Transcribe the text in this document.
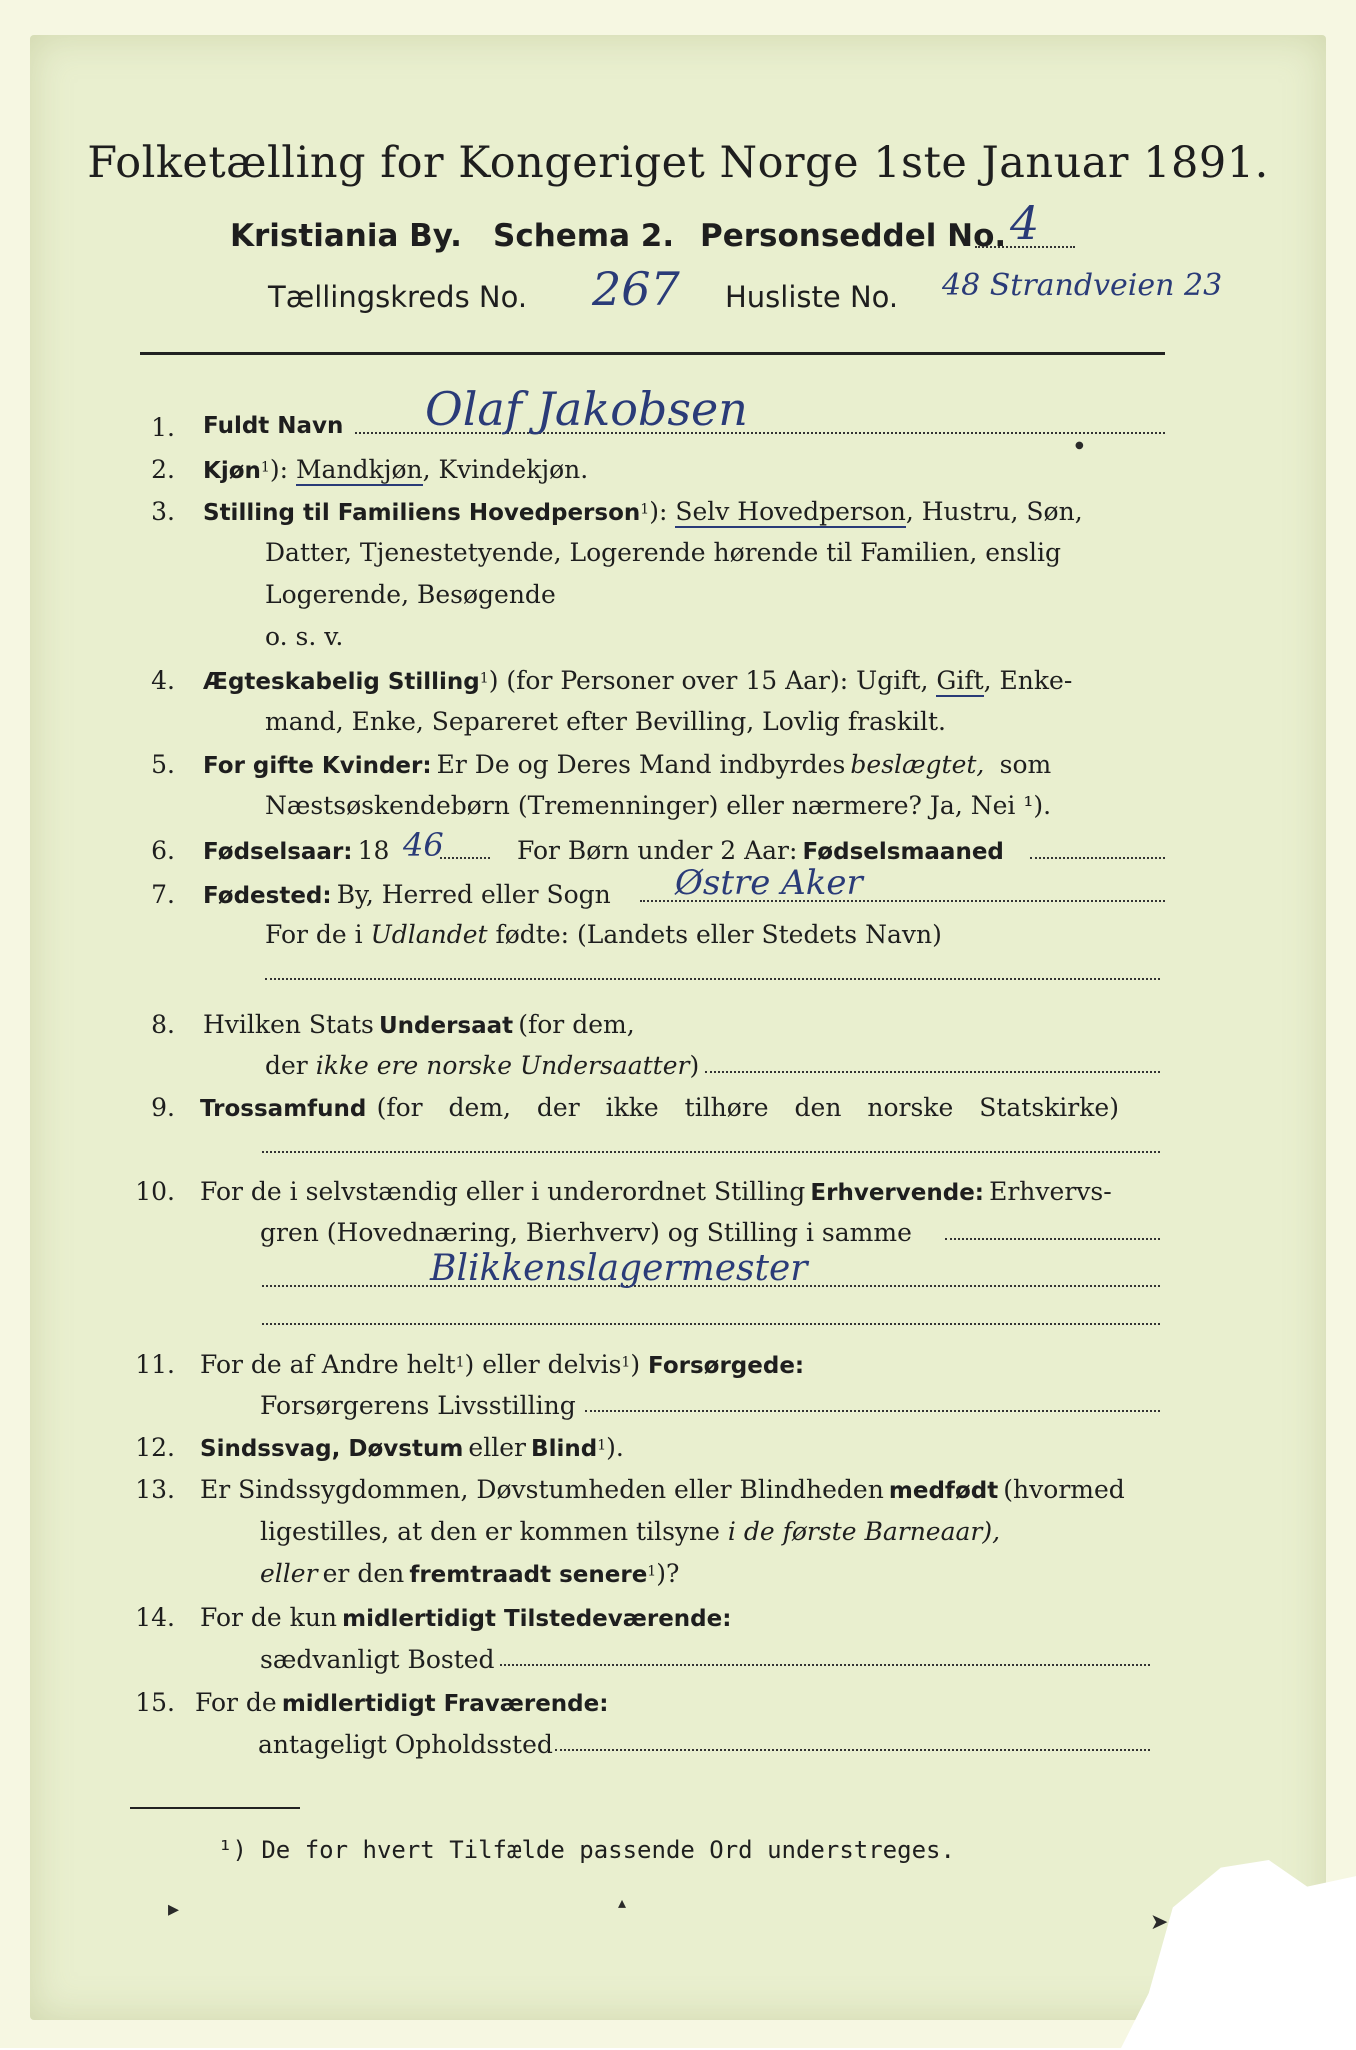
Folketælling for Kongeriget Norge 1ste Januar 1891.
Kristiania By. Schema 2. Personseddel No. 4
Tællingskreds No. 267 Husliste No. 48 Strandveien 23
1. Fuldt Navn Olaf Jakobsen
2. Kjøn$^1$): Mandkjøn, Kvindekjøn.
3. Stilling til Familiens Hovedperson$^1$): Selv Hovedperson, Hustru, Søn,
Datter, Tjenestetyende, Logerende hørende til Familien, enslig
Logerende, Besøgende
o. s. v.
4. Ægteskabelig Stilling$^1$) (for Personer over 15 Aar): Ugift, Gift, Enke-
mand, Enke, Separeret efter Bevilling, Lovlig fraskilt.
5. For gifte Kvinder: Er De og Deres Mand indbyrdes beslægtet, som
Næstsøskendebørn (Tremenninger) eller nærmere? Ja, Nei ¹).
6. Fødselsaar: 18 46	For Børn under 2 Aar: Fødselsmaaned
7. Fødested: By, Herred eller Sogn Østre Aker
For de i Udlandet fødte: (Landets eller Stedets Navn)
8. Hvilken Stats Undersaat (for dem,
der ikke ere norske Undersaatter)
9. Trossamfund (for dem, der ikke tilhøre den norske Statskirke)
10. For de i selvstændig eller i underordnet Stilling Erhvervende: Erhvervs-
gren (Hovednæring, Bierhverv) og Stilling i samme
Blikkenslagermester
11. For de af Andre helt$^1$) eller delvis$^1$) Forsørgede:
Forsørgerens Livsstilling
12. Sindssvag, Døvstum eller Blind$^1$).
13. Er Sindssygdommen, Døvstumheden eller Blindheden medfødt (hvormed
ligestilles, at den er kommen tilsyne i de første Barneaar),
eller er den fremtraadt senere$^1$)?
14. For de kun midlertidigt Tilstedeværende:
sædvanligt Bosted
15. For de midlertidigt Fraværende:
antageligt Opholdssted
¹) De for hvert Tilfælde passende Ord understreges.
●
▸	▴
➤
